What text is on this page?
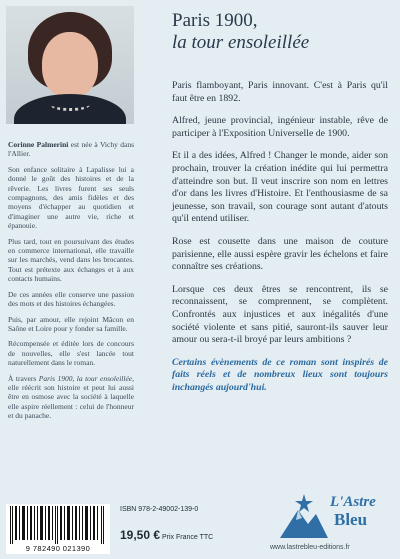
Corinne Palmerini est née à Vichy dans l'Allier.

Son enfance solitaire à Lapalisse lui a donné le goût des histoires et de la rêverie. Les livres furent ses seuls compagnons, des amis fidèles et des moyens d'échapper au quotidien et d'imaginer une autre vie, riche et épanouie.

Plus tard, tout en poursuivant des études en commerce international, elle travaille sur les marchés, vend dans les brocantes. Tout est prétexte aux échanges et à aux contacts humains.

De ces années elle conserve une passion des mots et des histoires échangées.

Puis, par amour, elle rejoint Mâcon en Saône et Loire pour y fonder sa famille.

Récompensée et éditée lors de concours de nouvelles, elle s'est lancée tout naturellement dans le roman.

À travers Paris 1900, la tour ensoleillée, elle réécrit son histoire et peut lui aussi être en osmose avec la société à laquelle elle aspire réellement : celui de l'honneur et du panache.

Paris 1900,
la tour ensoleillée

Paris flamboyant, Paris innovant. C'est à Paris qu'il faut être en 1892.

Alfred, jeune provincial, ingénieur instable, rêve de participer à l'Exposition Universelle de 1900.

Et il a des idées, Alfred ! Changer le monde, aider son prochain, trouver la création inédite qui lui permettra d'atteindre son but. Il veut inscrire son nom en lettres d'or dans les livres d'Histoire. Et l'enthousiasme de sa jeunesse, son travail, son courage sont autant d'atouts qu'il entend utiliser.

Rose est cousette dans une maison de couture parisienne, elle aussi espère gravir les échelons et faire connaître ses créations.

Lorsque ces deux êtres se rencontrent, ils se reconnaissent, se comprennent, se complètent. Confrontés aux injustices et aux inégalités d'une société violente et sans pitié, sauront-ils sauver leur amour ou sera-t-il broyé par leurs ambitions ?

Certains évènements de ce roman sont inspirés de faits réels et de nombreux lieux sont toujours inchangés aujourd'hui.

9 782490 021390
ISBN 978-2-49002-139-0
19,50 € Prix France TTC
L'Astre
Bleu
www.lastrebleu-editions.fr
